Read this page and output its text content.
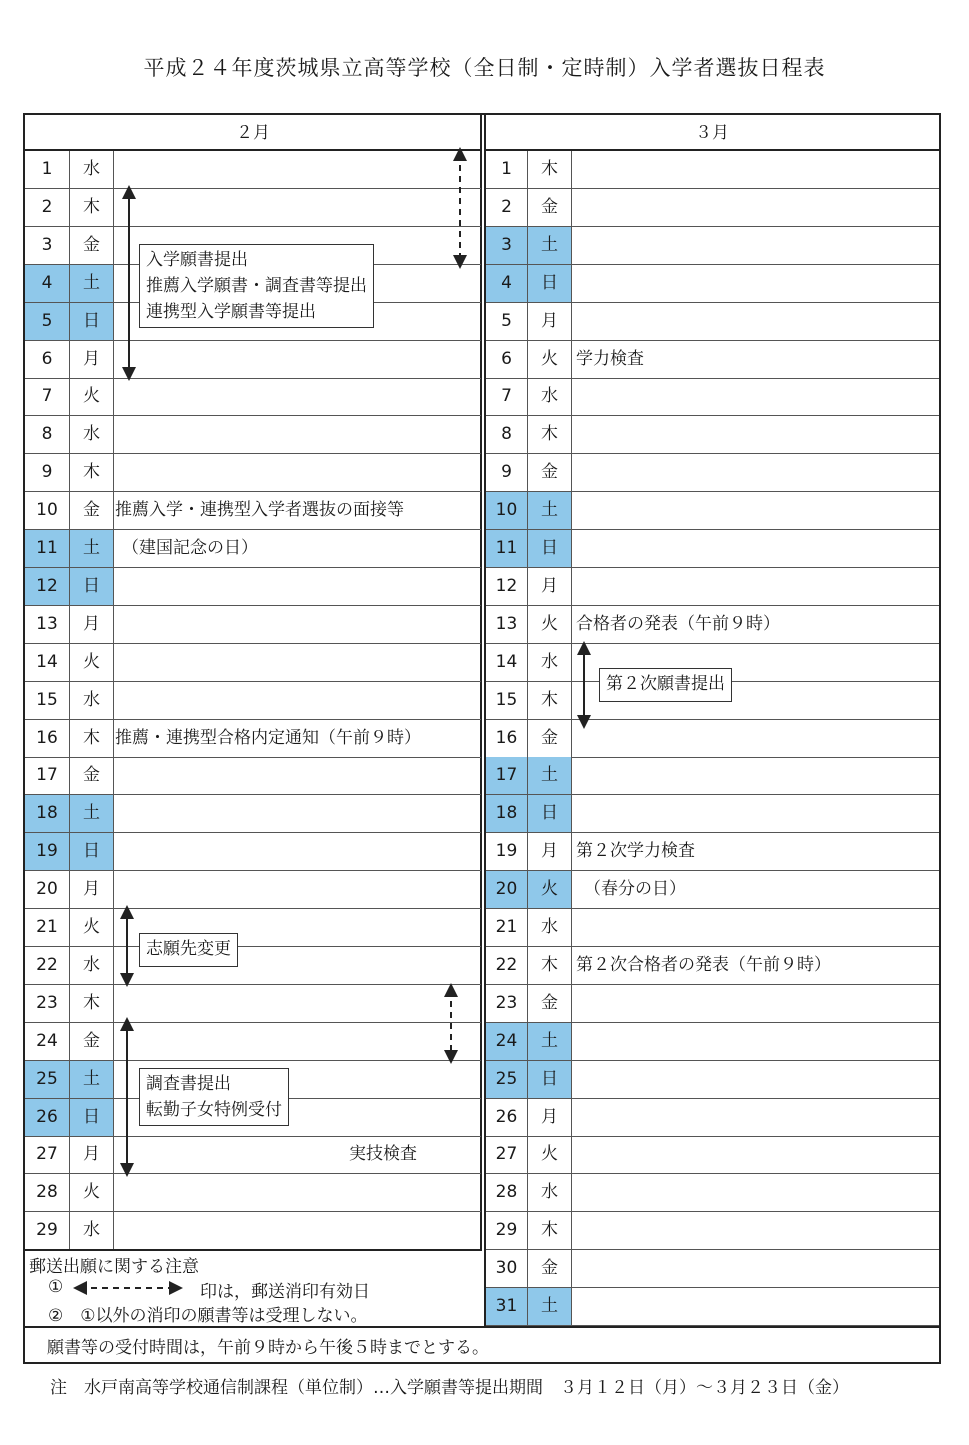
平成２４年度茨城県立高等学校（全日制・定時制）入学者選抜日程表
２月	３月
1	水
2	木
3	金
4	土
5	日
6	月
7	火
8	水
9	木
10	金 推薦入学・連携型入学者選抜の面接等
11	土	（建国記念の日）
12	日
13	月
14	火
15	水
16	木 推薦・連携型合格内定通知（午前９時）
17	金
18	土
19	日
20	月
21	火
22	水
23	木
24	金
25	土
26	日
27	月	実技検査
28	火
29	水
1	木
2	金
3	土
4	日
5	月
6	火	学力検査
7	水
8	木
9	金
10	土
11	日
12	月
13	火	合格者の発表（午前９時）
14	水
15	木
16	金
17	土
18	日
19	月	第２次学力検査
20	火	（春分の日）
21	水
22	木	第２次合格者の発表（午前９時）
23	金
24	土
25	日
26	月
27	火
28	水
29	木
30	金
31	土
入学願書提出
推薦入学願書・調査書等提出
連携型入学願書等提出
志願先変更
調査書提出
転勤子女特例受付
第２次願書提出
郵送出願に関する注意
①	印は，郵送消印有効日
②　①以外の消印の願書等は受理しない。
願書等の受付時間は，午前９時から午後５時までとする。
注　水戸南高等学校通信制課程（単位制）…入学願書等提出期間　３月１２日（月）～３月２３日（金）
